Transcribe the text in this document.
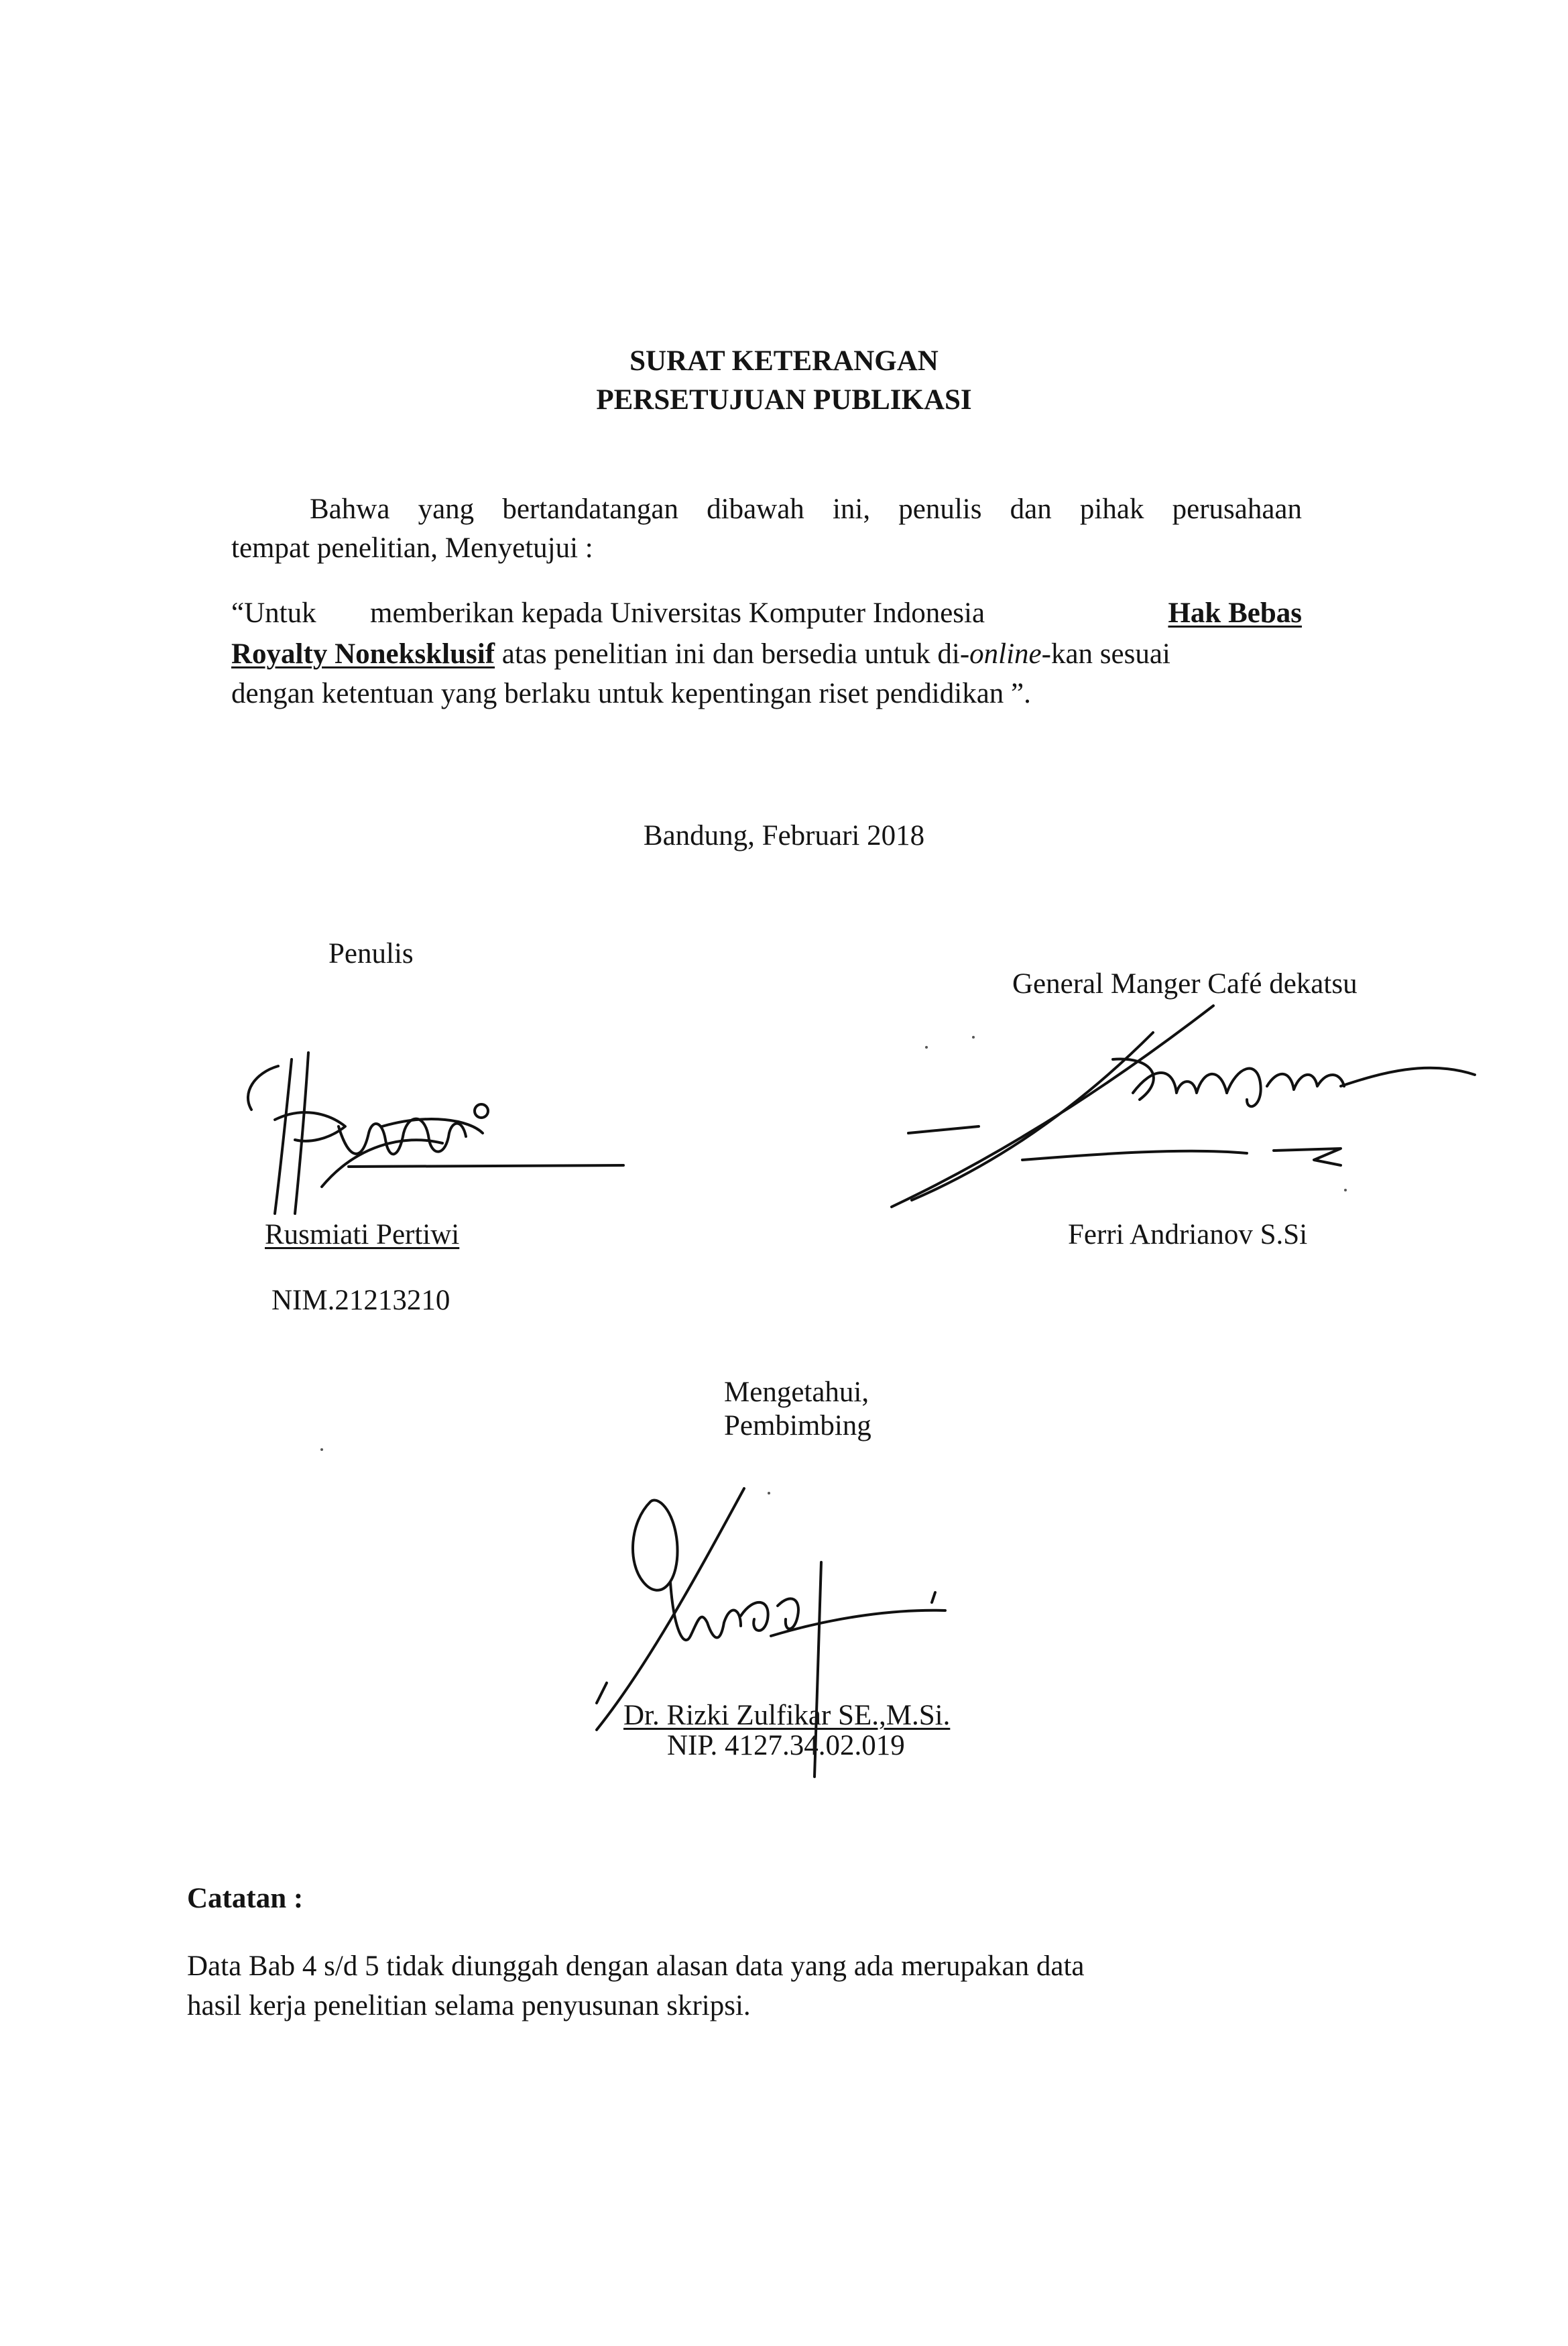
SURAT KETERANGAN
PERSETUJUAN PUBLIKASI
Bahwa yang bertandatangan dibawah ini, penulis dan pihak perusahaan
tempat penelitian, Menyetujui :
“Untuk memberikan kepada Universitas Komputer Indonesia	Hak Bebas
Royalty Noneksklusif atas penelitian ini dan bersedia untuk di-online-kan sesuai
dengan ketentuan yang berlaku untuk kepentingan riset pendidikan ”.
Bandung, Februari 2018
Penulis
Rusmiati Pertiwi
NIM.21213210
General Manger Café dekatsu
Ferri Andrianov S.Si
Mengetahui,
Pembimbing
Dr. Rizki Zulfikar SE.,M.Si.
NIP. 4127.34.02.019
Catatan :
Data Bab 4 s/d 5 tidak diunggah dengan alasan data yang ada merupakan data
hasil kerja penelitian selama penyusunan skripsi.
